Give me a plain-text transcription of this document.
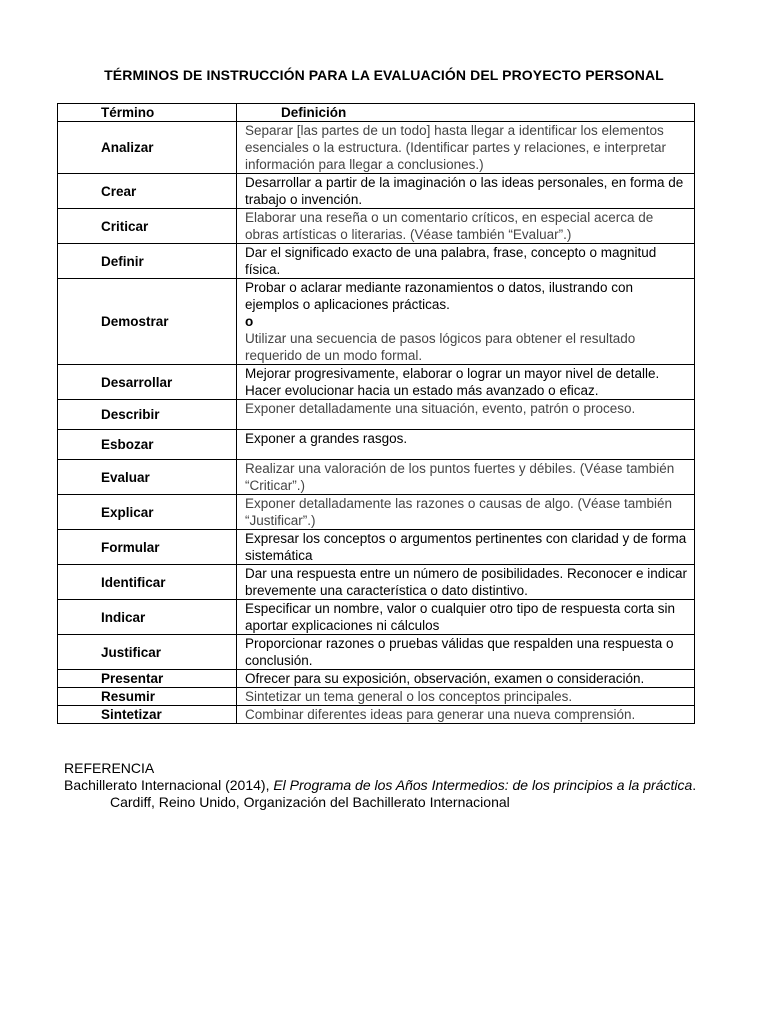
TÉRMINOS DE INSTRUCCIÓN PARA LA EVALUACIÓN DEL PROYECTO PERSONAL
Término	Definición
Analizar	Separar [las partes de un todo] hasta llegar a identificar los elementos esenciales o la estructura. (Identificar partes y relaciones, e interpretar información para llegar a conclusiones.)

Crear	Desarrollar a partir de la imaginación o las ideas personales, en forma de trabajo o invención.

Criticar	Elaborar una reseña o un comentario críticos, en especial acerca de obras artísticas o literarias. (Véase también “Evaluar”.)

Definir	Dar el significado exacto de una palabra, frase, concepto o magnitud física.

Demostrar	Probar o aclarar mediante razonamientos o datos, ilustrando con ejemplos o aplicaciones prácticas.
o
Utilizar una secuencia de pasos lógicos para obtener el resultado requerido de un modo formal.

Desarrollar	Mejorar progresivamente, elaborar o lograr un mayor nivel de detalle. Hacer evolucionar hacia un estado más avanzado o eficaz.

Describir	Exponer detalladamente una situación, evento, patrón o proceso.

Esbozar	Exponer a grandes rasgos.

Evaluar	Realizar una valoración de los puntos fuertes y débiles. (Véase también “Criticar”.)

Explicar	Exponer detalladamente las razones o causas de algo. (Véase también “Justificar”.)

Formular	Expresar los conceptos o argumentos pertinentes con claridad y de forma sistemática

Identificar	Dar una respuesta entre un número de posibilidades. Reconocer e indicar brevemente una característica o dato distintivo.

Indicar	Especificar un nombre, valor o cualquier otro tipo de respuesta corta sin aportar explicaciones ni cálculos

Justificar	Proporcionar razones o pruebas válidas que respalden una respuesta o conclusión.

Presentar	Ofrecer para su exposición, observación, examen o consideración.

Resumir	Sintetizar un tema general o los conceptos principales.

Sintetizar	Combinar diferentes ideas para generar una nueva comprensión.
REFERENCIA
Bachillerato Internacional (2014), El Programa de los Años Intermedios: de los principios a la práctica.
Cardiff, Reino Unido, Organización del Bachillerato Internacional
